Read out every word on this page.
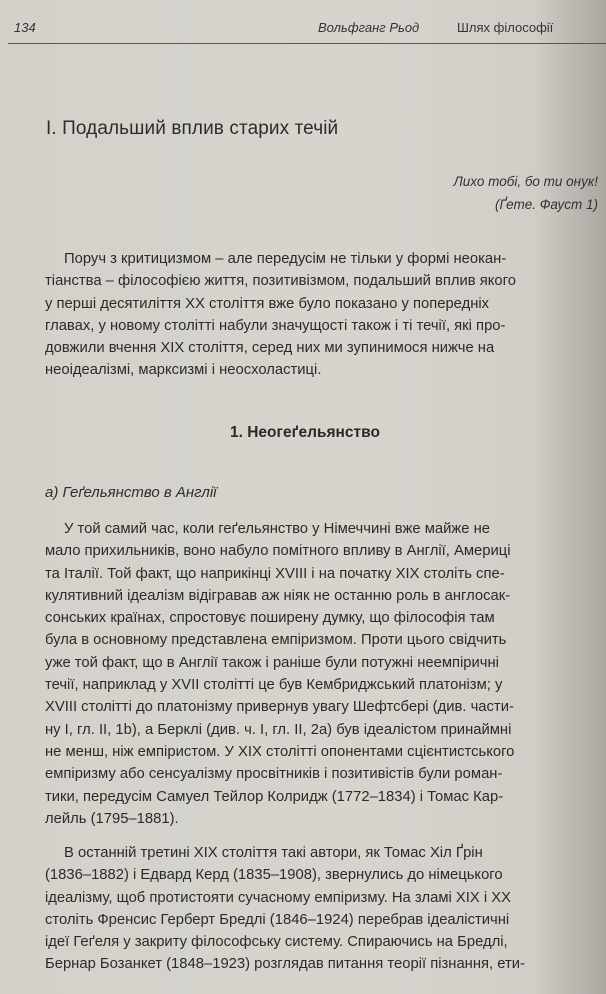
134	Вольфганг Рьод	Шлях філософії
І. Подальший вплив старих течій
Лихо тобі, бо ти онук!
(Ґете. Фауст 1)
Поруч з критицизмом – але передусім не тільки у формі неокан-
тіанства – філософією життя, позитивізмом, подальший вплив якого
у перші десятиліття XX століття вже було показано у попередніх
главах, у новому столітті набули значущості також і ті течії, які про-
довжили вчення XIX століття, серед них ми зупинимося нижче на
неоідеалізмі, марксизмі і неосхоластиці.
1. Неогеґельянство
а) Геґельянство в Англії
У той самий час, коли геґельянство у Німеччині вже майже не
мало прихильників, воно набуло помітного впливу в Англії, Америці
та Італії. Той факт, що наприкінці XVIII і на початку XIX століть спе-
кулятивний ідеалізм відігравав аж ніяк не останню роль в англосак-
сонських країнах, спростовує поширену думку, що філософія там
була в основному представлена емпіризмом. Проти цього свідчить
уже той факт, що в Англії також і раніше були потужні неемпіричні
течії, наприклад у XVII столітті це був Кембриджський платонізм; у
XVIII столітті до платонізму привернув увагу Шефтсбері (див. части-
ну І, гл. ІІ, 1b), а Берклі (див. ч. І, гл. ІІ, 2a) був ідеалістом принаймні
не менш, ніж емпіристом. У XIX столітті опонентами сцієнтистського
емпіризму або сенсуалізму просвітників і позитивістів були роман-
тики, передусім Самуел Тейлор Колридж (1772–1834) і Томас Кар-
лейль (1795–1881).
В останній третині XIX століття такі автори, як Томас Хіл Ґрін
(1836–1882) і Едвард Керд (1835–1908), звернулись до німецького
ідеалізму, щоб протистояти сучасному емпіризму. На зламі XIX і XX
століть Френсис Герберт Бредлі (1846–1924) перебрав ідеалістичні
ідеї Геґеля у закриту філософську систему. Спираючись на Бредлі,
Бернар Бозанкет (1848–1923) розглядав питання теорії пізнання, ети-
